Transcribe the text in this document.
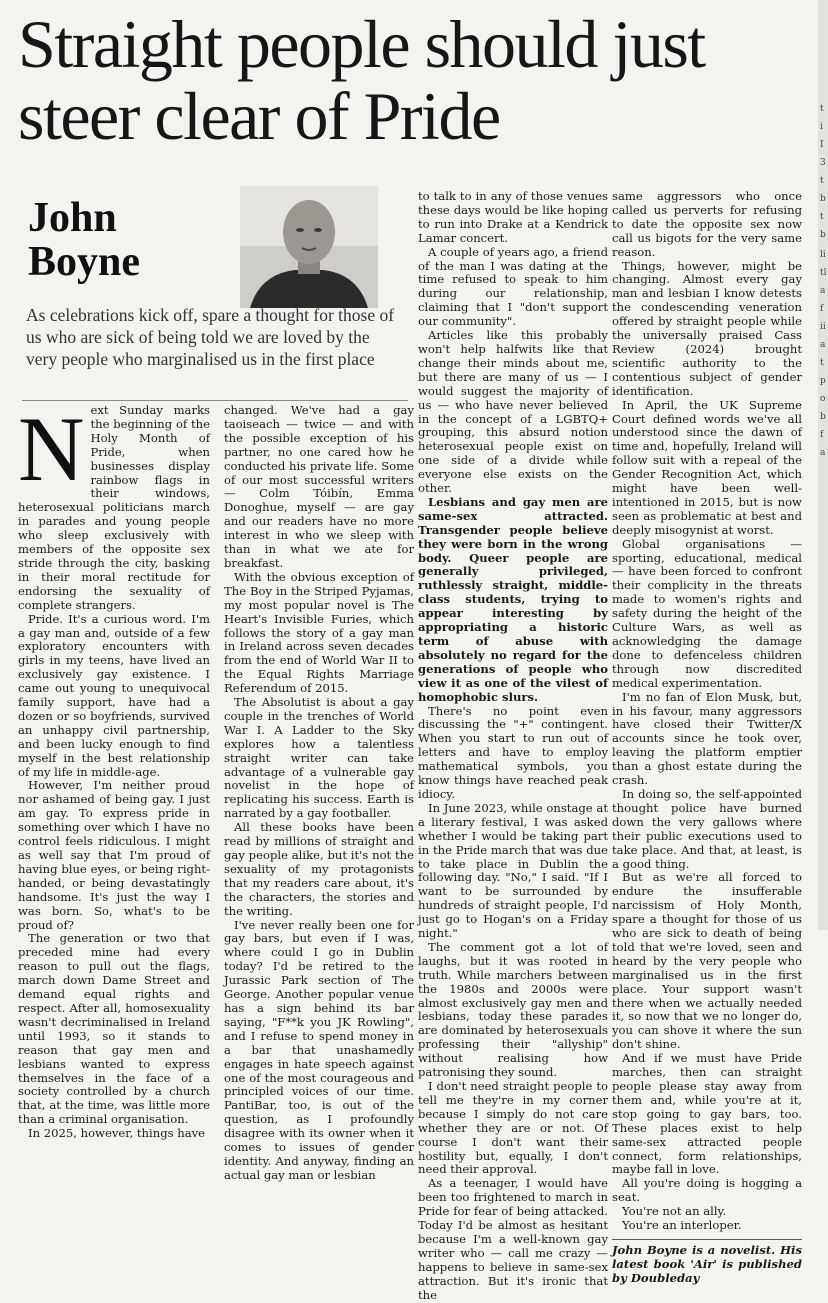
Straight people should just steer clear of Pride
John
Boyne

As celebrations kick off, spare a thought for those of us who are sick of being told we are loved by the very people who marginalised us in the first place

N ext Sunday marks the beginning of the Holy Month of Pride, when businesses display rainbow flags in their windows, heterosexual politicians march in parades and young people who sleep exclusively with members of the opposite sex stride through the city, basking in their moral rectitude for endorsing the sexuality of complete strangers.

Pride. It's a curious word. I'm a gay man and, outside of a few exploratory encounters with girls in my teens, have lived an exclusively gay existence. I came out young to unequivocal family support, have had a dozen or so boyfriends, survived an unhappy civil partnership, and been lucky enough to find myself in the best relationship of my life in middle-age.

However, I'm neither proud nor ashamed of being gay. I just am gay. To express pride in something over which I have no control feels ridiculous. I might as well say that I'm proud of having blue eyes, or being right-handed, or being devastatingly handsome. It's just the way I was born. So, what's to be proud of?

The generation or two that preceded mine had every reason to pull out the flags, march down Dame Street and demand equal rights and respect. After all, homosexuality wasn't decriminalised in Ireland until 1993, so it stands to reason that gay men and lesbians wanted to express themselves in the face of a society controlled by a church that, at the time, was little more than a criminal organisation.

In 2025, however, things have

changed. We've had a gay taoiseach — twice — and with the possible exception of his partner, no one cared how he conducted his private life. Some of our most successful writers — Colm Tóibín, Emma Donoghue, myself — are gay and our readers have no more interest in who we sleep with than in what we ate for breakfast.

With the obvious exception of The Boy in the Striped Pyjamas, my most popular novel is The Heart's Invisible Furies, which follows the story of a gay man in Ireland across seven decades from the end of World War II to the Equal Rights Marriage Referendum of 2015.

The Absolutist is about a gay couple in the trenches of World War I. A Ladder to the Sky explores how a talentless straight writer can take advantage of a vulnerable gay novelist in the hope of replicating his success. Earth is narrated by a gay footballer.

All these books have been read by millions of straight and gay people alike, but it's not the sexuality of my protagonists that my readers care about, it's the characters, the stories and the writing.

I've never really been one for gay bars, but even if I was, where could I go in Dublin today? I'd be retired to the Jurassic Park section of The George. Another popular venue has a sign behind its bar saying, "F**k you JK Rowling", and I refuse to spend money in a bar that unashamedly engages in hate speech against one of the most courageous and principled voices of our time. PantiBar, too, is out of the question, as I profoundly disagree with its owner when it comes to issues of gender identity. And anyway, finding an actual gay man or lesbian

to talk to in any of those venues these days would be like hoping to run into Drake at a Kendrick Lamar concert.

A couple of years ago, a friend of the man I was dating at the time refused to speak to him during our relationship, claiming that I "don't support our community".

Articles like this probably won't help halfwits like that change their minds about me, but there are many of us — I would suggest the majority of us — who have never believed in the concept of a LGBTQ+ grouping, this absurd notion heterosexual people exist on one side of a divide while everyone else exists on the other.

Lesbians and gay men are same-sex attracted. Transgender people believe they were born in the wrong body. Queer people are generally privileged, ruthlessly straight, middle-class students, trying to appear interesting by appropriating a historic term of abuse with absolutely no regard for the generations of people who view it as one of the vilest of homophobic slurs.

There's no point even discussing the "+" contingent. When you start to run out of letters and have to employ mathematical symbols, you know things have reached peak idiocy.

In June 2023, while onstage at a literary festival, I was asked whether I would be taking part in the Pride march that was due to take place in Dublin the following day. "No," I said. "If I want to be surrounded by hundreds of straight people, I'd just go to Hogan's on a Friday night."

The comment got a lot of laughs, but it was rooted in truth. While marchers between the 1980s and 2000s were almost exclusively gay men and lesbians, today these parades are dominated by heterosexuals professing their "allyship" without realising how patronising they sound.

I don't need straight people to tell me they're in my corner because I simply do not care whether they are or not. Of course I don't want their hostility but, equally, I don't need their approval.

As a teenager, I would have been too frightened to march in Pride for fear of being attacked. Today I'd be almost as hesitant because I'm a well-known gay writer who — call me crazy — happens to believe in same-sex attraction. But it's ironic that the

same aggressors who once called us perverts for refusing to date the opposite sex now call us bigots for the very same reason.

Things, however, might be changing. Almost every gay man and lesbian I know detests the condescending veneration offered by straight people while the universally praised Cass Review (2024) brought scientific authority to the contentious subject of gender identification.

In April, the UK Supreme Court defined words we've all understood since the dawn of time and, hopefully, Ireland will follow suit with a repeal of the Gender Recognition Act, which might have been well-intentioned in 2015, but is now seen as problematic at best and deeply misogynist at worst.

Global organisations — sporting, educational, medical — have been forced to confront their complicity in the threats made to women's rights and safety during the height of the Culture Wars, as well as acknowledging the damage done to defenceless children through now discredited medical experimentation.

I'm no fan of Elon Musk, but, in his favour, many aggressors have closed their Twitter/X accounts since he took over, leaving the platform emptier than a ghost estate during the crash.

In doing so, the self-appointed thought police have burned down the very gallows where their public executions used to take place. And that, at least, is a good thing.

But as we're all forced to endure the insufferable narcissism of Holy Month, spare a thought for those of us who are sick to death of being told that we're loved, seen and heard by the very people who marginalised us in the first place. Your support wasn't there when we actually needed it, so now that we no longer do, you can shove it where the sun don't shine.

And if we must have Pride marches, then can straight people please stay away from them and, while you're at it, stop going to gay bars, too. These places exist to help same-sex attracted people connect, form relationships, maybe fall in love.

All you're doing is hogging a seat.

You're not an ally.

You're an interloper.

John Boyne is a novelist. His latest book 'Air' is published by Doubleday

t
i
I
3
t
b
t
b
li
tl
a
f
ii
a
t
p
o
b
f
a
